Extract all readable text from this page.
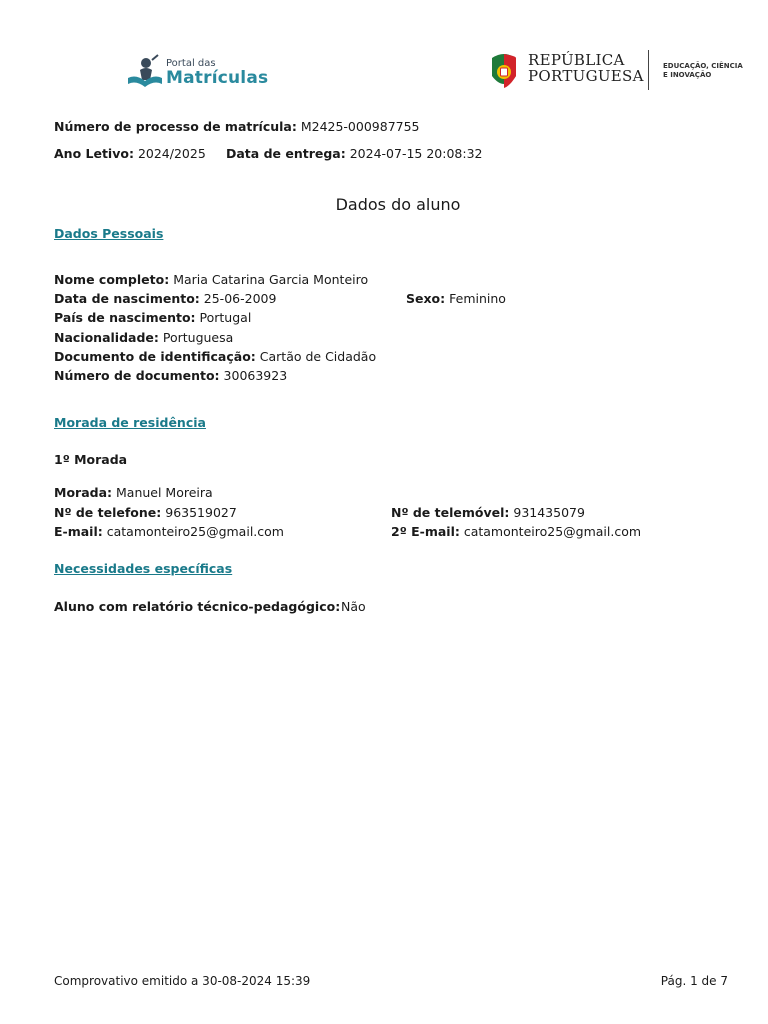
Portal das
Matrículas
REPÚBLICA
PORTUGUESA
EDUCAÇÃO, CIÊNCIA
E INOVAÇÃO
Número de processo de matrícula: M2425-000987755
Ano Letivo: 2024/2025 Data de entrega: 2024-07-15 20:08:32
Dados do aluno
Dados Pessoais
Nome completo: Maria Catarina Garcia Monteiro
Data de nascimento: 25-06-2009	Sexo: Feminino
País de nascimento: Portugal
Nacionalidade: Portuguesa
Documento de identificação: Cartão de Cidadão
Número de documento: 30063923
Morada de residência
1º Morada
Morada: Manuel Moreira
Nº de telefone: 963519027	Nº de telemóvel: 931435079
E-mail: catamonteiro25@gmail.com	2º E-mail: catamonteiro25@gmail.com
Necessidades específicas
Aluno com relatório técnico-pedagógico: Não
Comprovativo emitido a 30-08-2024 15:39	Pág. 1 de 7
